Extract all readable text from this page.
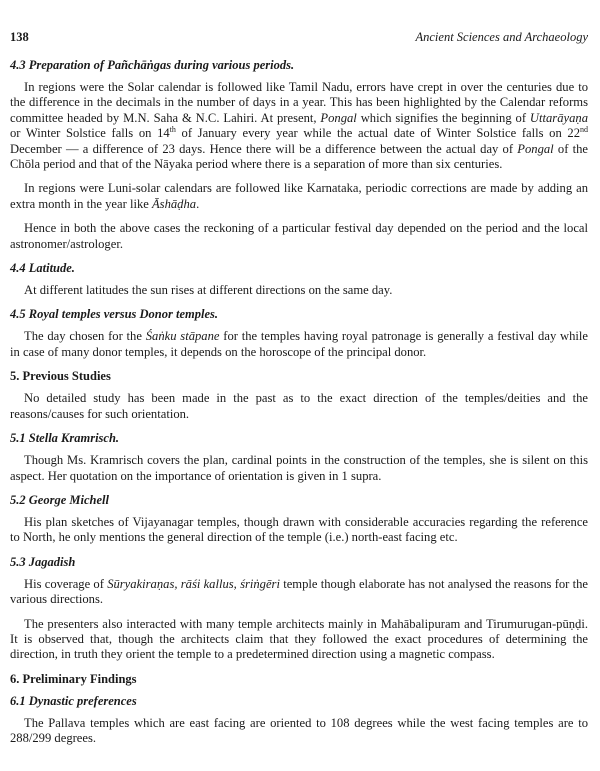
138	Ancient Sciences and Archaeology
4.3 Preparation of Pañchāṅgas during various periods.

In regions were the Solar calendar is followed like Tamil Nadu, errors have crept in over the centuries due to the difference in the decimals in the number of days in a year. This has been highlighted by the Calendar reforms committee headed by M.N. Saha & N.C. Lahiri. At present, Pongal which signifies the beginning of Uttarāyaṇa or Winter Solstice falls on 14th of January every year while the actual date of Winter Solstice falls on 22nd December — a difference of 23 days. Hence there will be a difference between the actual day of Pongal of the Chōla period and that of the Nāyaka period where there is a separation of more than six centuries.

In regions were Luni-solar calendars are followed like Karnataka, periodic corrections are made by adding an extra month in the year like Āshāḍha.

Hence in both the above cases the reckoning of a particular festival day depended on the period and the local astronomer/astrologer.

4.4 Latitude.

At different latitudes the sun rises at different directions on the same day.

4.5 Royal temples versus Donor temples.

The day chosen for the Śaṅku stāpane for the temples having royal patronage is generally a festival day while in case of many donor temples, it depends on the horoscope of the principal donor.

5. Previous Studies

No detailed study has been made in the past as to the exact direction of the temples/deities and the reasons/causes for such orientation.

5.1 Stella Kramrisch.

Though Ms. Kramrisch covers the plan, cardinal points in the construction of the temples, she is silent on this aspect. Her quotation on the importance of orientation is given in 1 supra.

5.2 George Michell

His plan sketches of Vijayanagar temples, though drawn with considerable accuracies regarding the reference to North, he only mentions the general direction of the temple (i.e.) north-east facing etc.

5.3 Jagadish

His coverage of Sūryakiraṇas, rāśi kallus, śriṅgēri temple though elaborate has not analysed the reasons for the various directions.

The presenters also interacted with many temple architects mainly in Mahābalipuram and Tirumurugan-pūṇḍi. It is observed that, though the architects claim that they followed the exact procedures of determining the direction, in truth they orient the temple to a predetermined direction using a magnetic compass.

6. Preliminary Findings
6.1 Dynastic preferences

The Pallava temples which are east facing are oriented to 108 degrees while the west facing temples are to 288/299 degrees.
